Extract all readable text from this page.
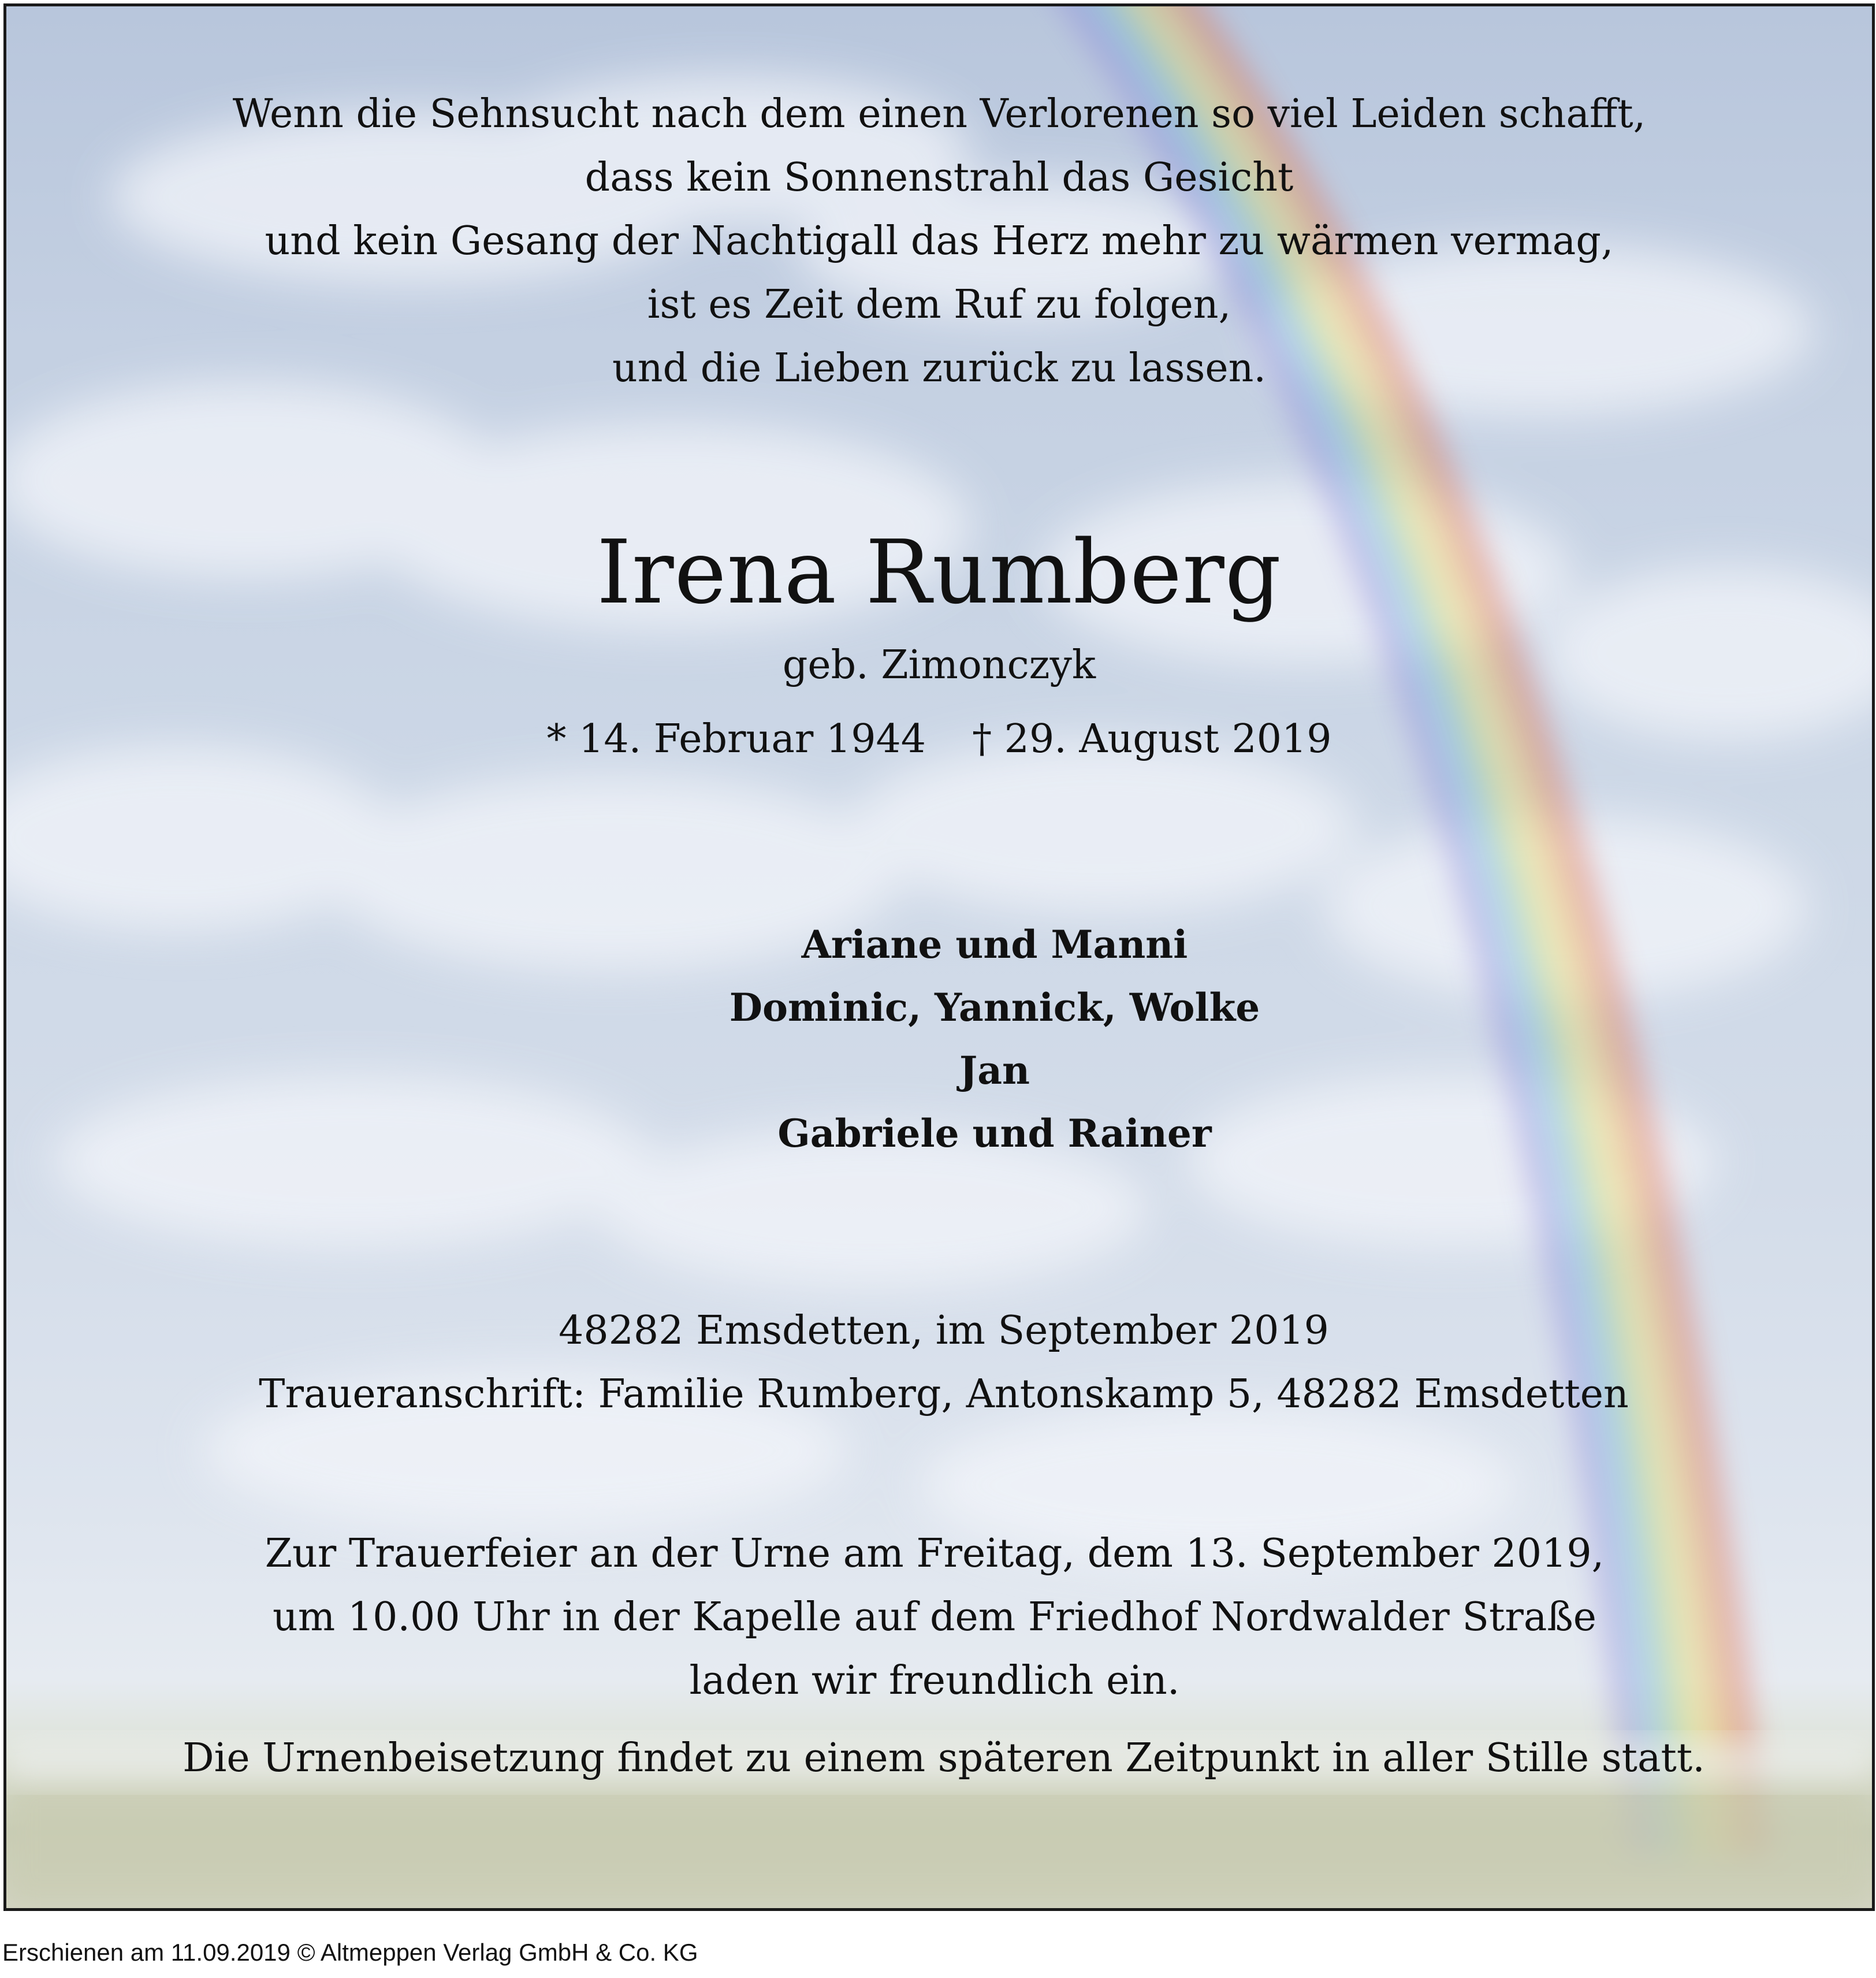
Wenn die Sehnsucht nach dem einen Verlorenen so viel Leiden schafft,
dass kein Sonnenstrahl das Gesicht
und kein Gesang der Nachtigall das Herz mehr zu wärmen vermag,
ist es Zeit dem Ruf zu folgen,
und die Lieben zurück zu lassen.
Irena Rumberg
geb. Zimonczyk
* 14. Februar 1944 † 29. August 2019
Ariane und Manni
Dominic, Yannick, Wolke
Jan
Gabriele und Rainer
48282 Emsdetten, im September 2019
Traueranschrift: Familie Rumberg, Antonskamp 5, 48282 Emsdetten
Zur Trauerfeier an der Urne am Freitag, dem 13. September 2019,
um 10.00 Uhr in der Kapelle auf dem Friedhof Nordwalder Straße
laden wir freundlich ein.
Die Urnenbeisetzung findet zu einem späteren Zeitpunkt in aller Stille statt.
Erschienen am 11.09.2019 © Altmeppen Verlag GmbH & Co. KG
